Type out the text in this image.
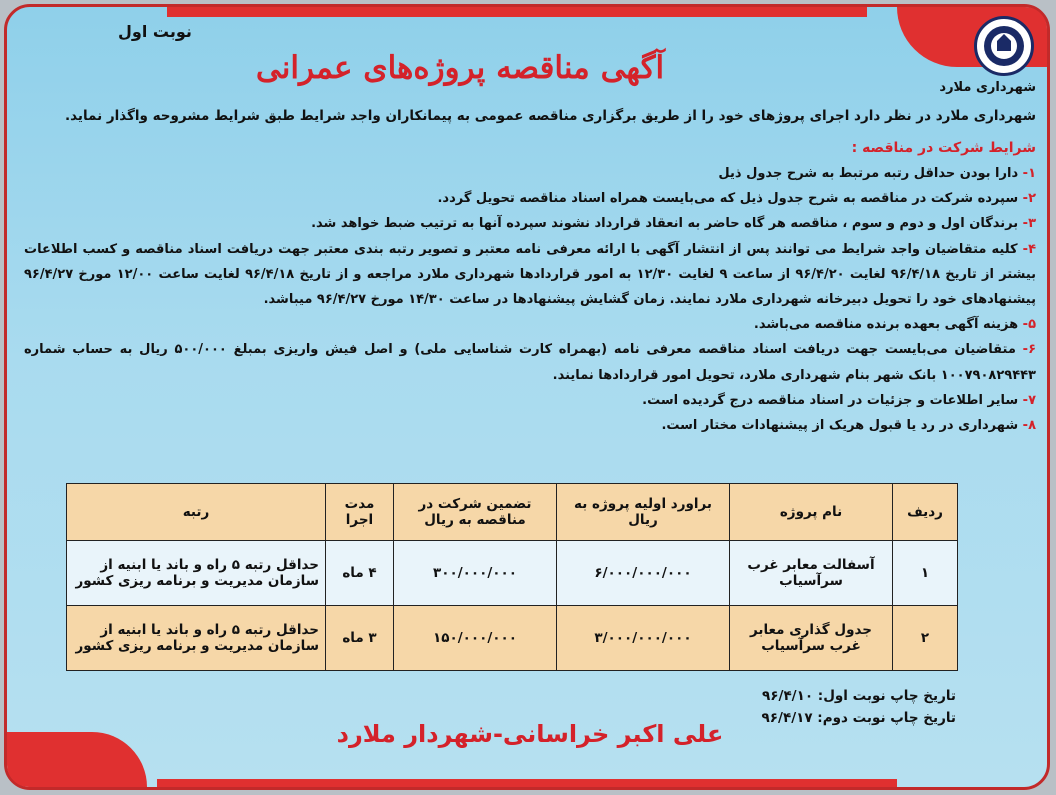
شهرداری ملارد
نوبت اول
آگهی مناقصه پروژه‌های عمرانی
شهرداری ملارد در نظر دارد اجرای پروژهای خود را از طریق برگزاری مناقصه عمومی به پیمانکاران واجد شرایط طبق شرایط مشروحه واگذار نماید.
شرایط شرکت در مناقصه :

۱- دارا بودن حداقل رتبه مرتبط به شرح جدول ذیل

۲- سپرده شرکت در مناقصه به شرح جدول ذیل که می‌بایست همراه اسناد مناقصه تحویل گردد.

۳- برندگان اول و دوم و سوم ، مناقصه هر گاه حاضر به انعقاد قرارداد نشوند سپرده آنها به ترتیب ضبط خواهد شد.

۴- کلیه متقاضیان واجد شرایط می توانند پس از انتشار آگهی با ارائه معرفی نامه معتبر و تصویر رتبه بندی معتبر جهت دریافت اسناد مناقصه و کسب اطلاعات بیشتر از تاریخ ۹۶/۴/۱۸ لغایت ۹۶/۴/۲۰ از ساعت ۹ لغایت ۱۲/۳۰ به امور قراردادها شهرداری ملارد مراجعه و از تاریخ ۹۶/۴/۱۸ لغایت ساعت ۱۲/۰۰ مورخ ۹۶/۴/۲۷ پیشنهادهای خود را تحویل دبیرخانه شهرداری ملارد نمایند. زمان گشایش پیشنهادها در ساعت ۱۴/۳۰ مورخ ۹۶/۴/۲۷ میباشد.

۵- هزینه آگهی بعهده برنده مناقصه می‌باشد.

۶- متقاضیان می‌بایست جهت دریافت اسناد مناقصه معرفی نامه (بهمراه کارت شناسایی ملی) و اصل فیش واریزی بمبلغ ۵۰۰/۰۰۰ ریال به حساب شماره ۱۰۰۷۹۰۸۲۹۴۴۳ بانک شهر بنام شهرداری ملارد، تحویل امور قراردادها نمایند.

۷- سایر اطلاعات و جزئیات در اسناد مناقصه درج گردیده است.

۸- شهرداری در رد یا قبول هریک از پیشنهادات مختار است.

ردیف	نام پروژه	براورد اولیه پروژه به ریال	تضمین شرکت در مناقصه به ریال	مدت اجرا	رتبه
۱	آسفالت معابر غرب سرآسیاب	۶/۰۰۰/۰۰۰/۰۰۰	۳۰۰/۰۰۰/۰۰۰	۴ ماه	حداقل رتبه ۵ راه و باند یا ابنیه از سازمان مدیریت و برنامه ریزی کشور
۲	جدول گذاری معابر غرب سرآسیاب	۳/۰۰۰/۰۰۰/۰۰۰	۱۵۰/۰۰۰/۰۰۰	۳ ماه	حداقل رتبه ۵ راه و باند یا ابنیه از سازمان مدیریت و برنامه ریزی کشور
تاریخ چاپ نوبت اول: ۹۶/۴/۱۰
تاریخ چاپ نوبت دوم: ۹۶/۴/۱۷
علی اکبر خراسانی-شهردار ملارد
